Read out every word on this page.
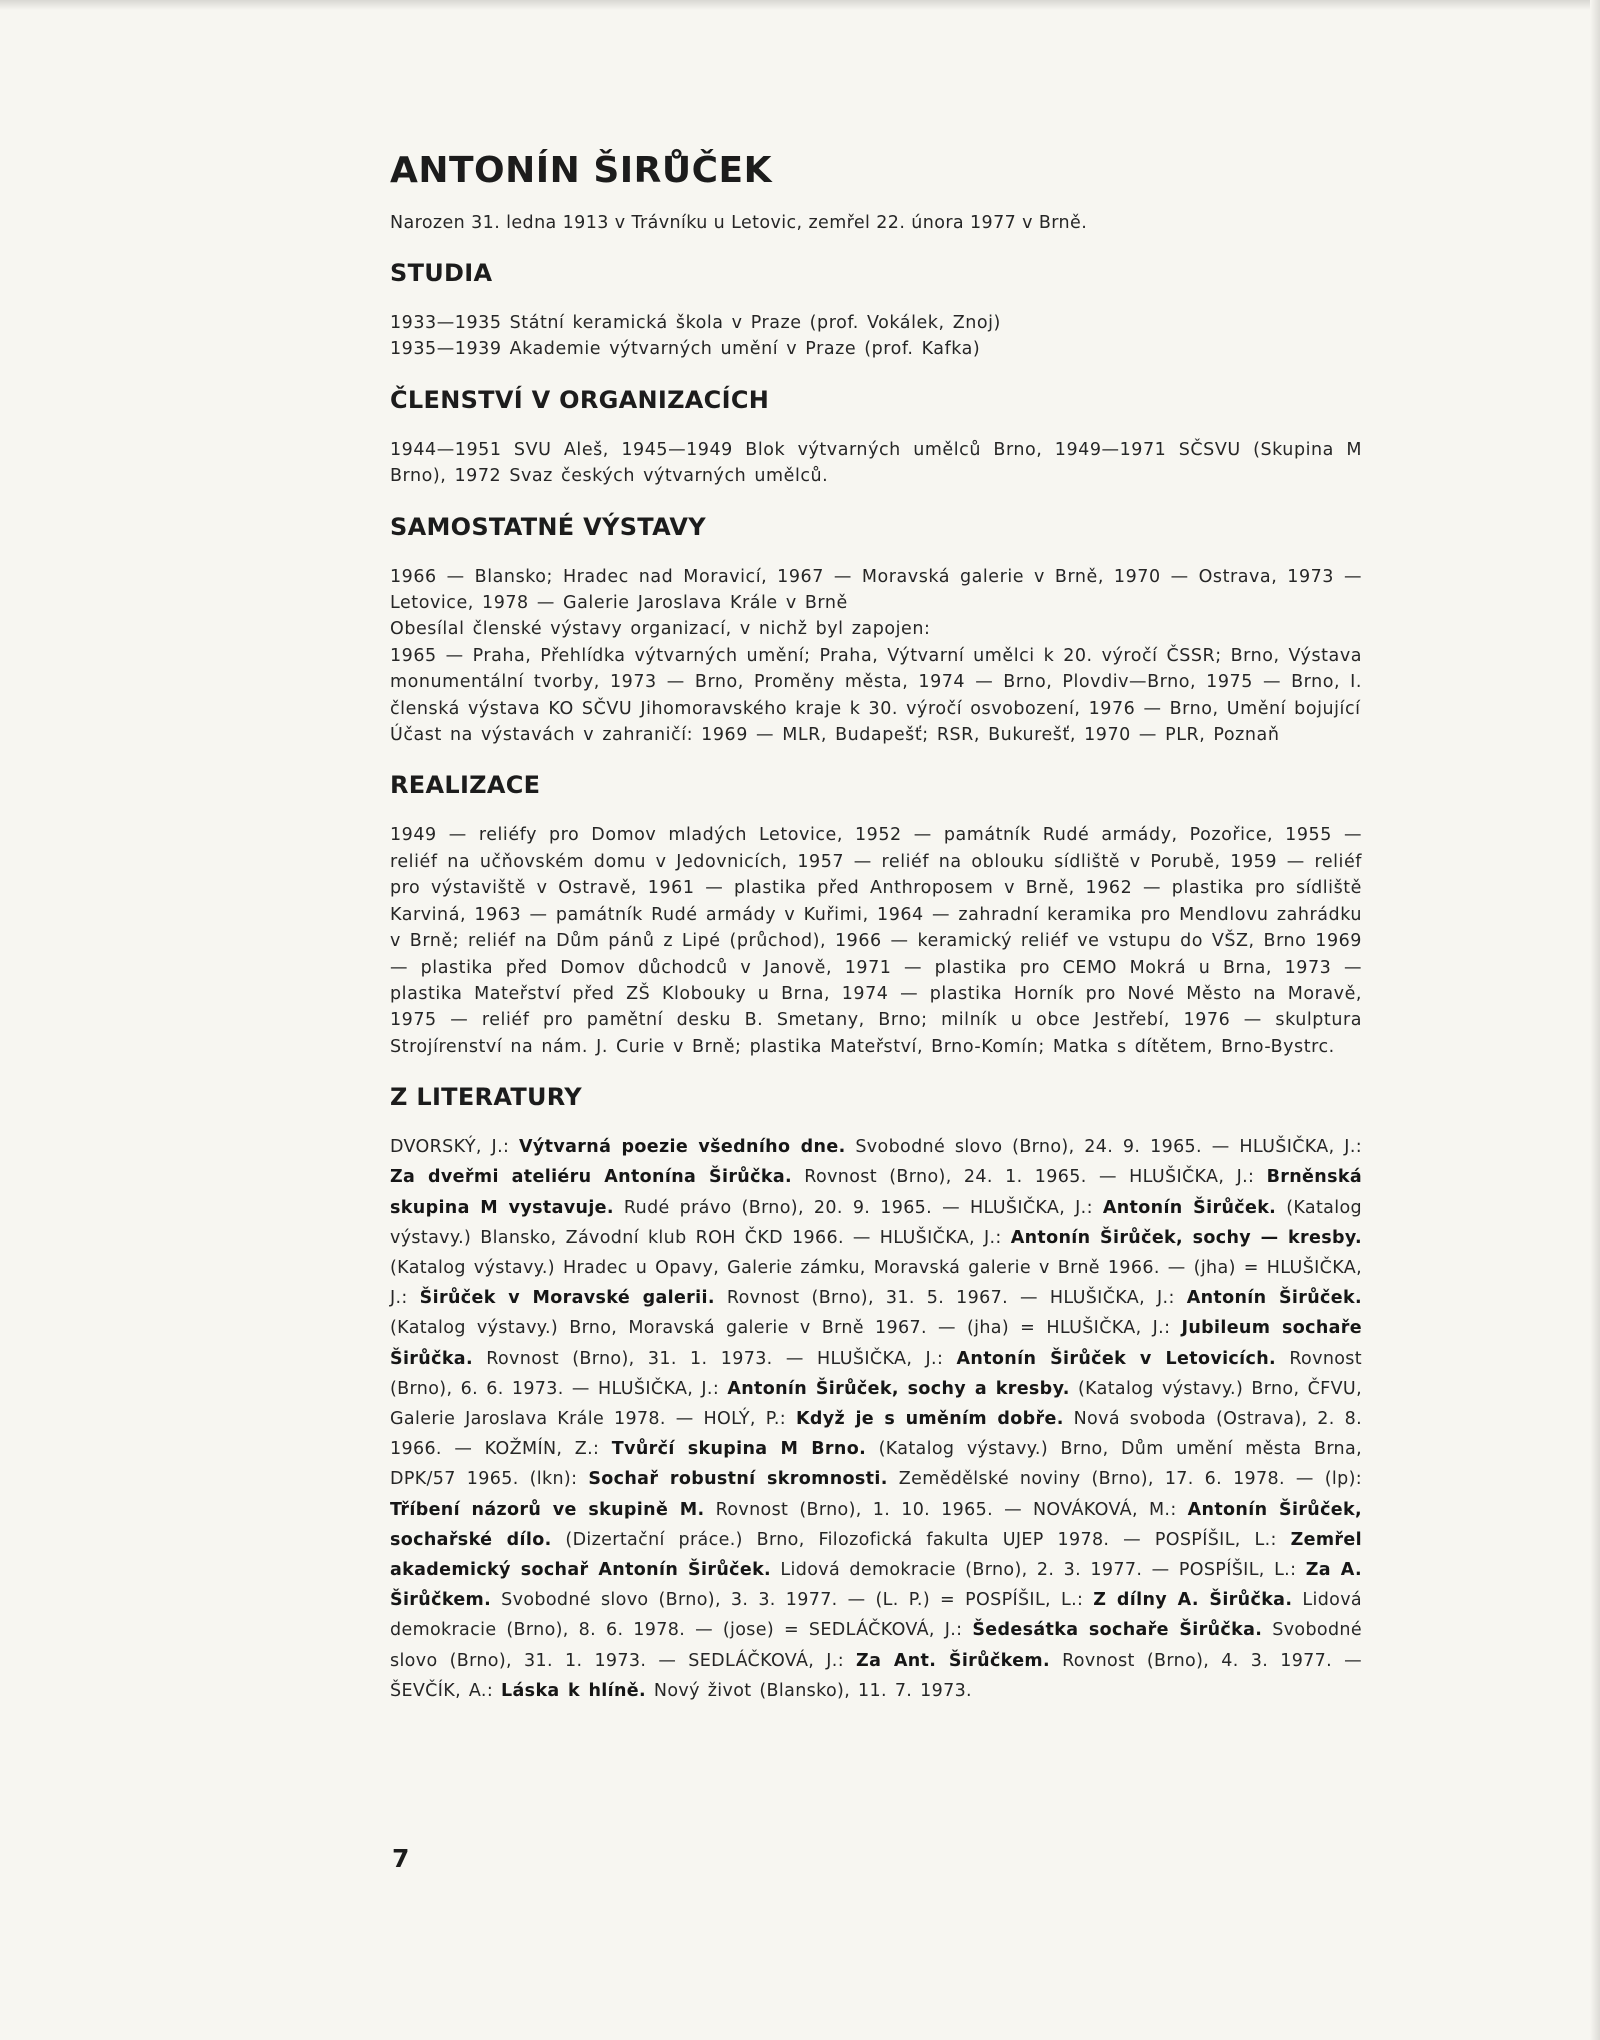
ANTONÍN ŠIRŮČEK

Narozen 31. ledna 1913 v Trávníku u Letovic, zemřel 22. února 1977 v Brně.

STUDIA
1933—1935 Státní keramická škola v Praze (prof. Vokálek, Znoj)
1935—1939 Akademie výtvarných umění v Praze (prof. Kafka)
ČLENSTVÍ V ORGANIZACÍCH
1944—1951 SVU Aleš, 1945—1949 Blok výtvarných umělců Brno, 1949—1971 SČSVU (Skupina M Brno), 1972 Svaz českých výtvarných umělců.
SAMOSTATNÉ VÝSTAVY
1966 — Blansko; Hradec nad Moravicí, 1967 — Moravská galerie v Brně, 1970 — Ostrava, 1973 — Letovice, 1978 — Galerie Jaroslava Krále v Brně
Obesílal členské výstavy organizací, v nichž byl zapojen:
1965 — Praha, Přehlídka výtvarných umění; Praha, Výtvarní umělci k 20. výročí ČSSR; Brno, Výstava monumentální tvorby, 1973 — Brno, Proměny města, 1974 — Brno, Plovdiv—Brno, 1975 — Brno, I. členská výstava KO SČVU Jihomoravského kraje k 30. výročí osvobození, 1976 — Brno, Umění bojující
Účast na výstavách v zahraničí: 1969 — MLR, Budapešť; RSR, Bukurešť, 1970 — PLR, Poznaň
REALIZACE
1949 — reliéfy pro Domov mladých Letovice, 1952 — památník Rudé armády, Pozořice, 1955 — reliéf na učňovském domu v Jedovnicích, 1957 — reliéf na oblouku sídliště v Porubě, 1959 — reliéf pro výstaviště v Ostravě, 1961 — plastika před Anthroposem v Brně, 1962 — plastika pro sídliště Karviná, 1963 — památník Rudé armády v Kuřimi, 1964 — zahradní keramika pro Mendlovu zahrádku v Brně; reliéf na Dům pánů z Lipé (průchod), 1966 — keramický reliéf ve vstupu do VŠZ, Brno 1969 — plastika před Domov důchodců v Janově, 1971 — plastika pro CEMO Mokrá u Brna, 1973 — plastika Mateřství před ZŠ Klobouky u Brna, 1974 — plastika Horník pro Nové Město na Moravě, 1975 — reliéf pro pamětní desku B. Smetany, Brno; milník u obce Jestřebí, 1976 — skulptura Strojírenství na nám. J. Curie v Brně; plastika Mateřství, Brno-Komín; Matka s dítětem, Brno-Bystrc.
Z LITERATURY
DVORSKÝ, J.: Výtvarná poezie všedního dne. Svobodné slovo (Brno), 24. 9. 1965. — HLUŠIČKA, J.: Za dveřmi ateliéru Antonína Širůčka. Rovnost (Brno), 24. 1. 1965. — HLUŠIČKA, J.: Brněnská skupina M vystavuje. Rudé právo (Brno), 20. 9. 1965. — HLUŠIČKA, J.: Antonín Širůček. (Katalog výstavy.) Blansko, Závodní klub ROH ČKD 1966. — HLUŠIČKA, J.: Antonín Širůček, sochy — kresby. (Katalog výstavy.) Hradec u Opavy, Galerie zámku, Moravská galerie v Brně 1966. — (jha) = HLUŠIČKA, J.: Širůček v Moravské galerii. Rovnost (Brno), 31. 5. 1967. — HLUŠIČKA, J.: Antonín Širůček. (Katalog výstavy.) Brno, Moravská galerie v Brně 1967. — (jha) = HLUŠIČKA, J.: Jubileum sochaře Širůčka. Rovnost (Brno), 31. 1. 1973. — HLUŠIČKA, J.: Antonín Širůček v Letovicích. Rovnost (Brno), 6. 6. 1973. — HLUŠIČKA, J.: Antonín Širůček, sochy a kresby. (Katalog výstavy.) Brno, ČFVU, Galerie Jaroslava Krále 1978. — HOLÝ, P.: Když je s uměním dobře. Nová svoboda (Ostrava), 2. 8. 1966. — KOŽMÍN, Z.: Tvůrčí skupina M Brno. (Katalog výstavy.) Brno, Dům umění města Brna, DPK/57 1965. (lkn): Sochař robustní skromnosti. Zemědělské noviny (Brno), 17. 6. 1978. — (lp): Tříbení názorů ve skupině M. Rovnost (Brno), 1. 10. 1965. — NOVÁKOVÁ, M.: Antonín Širůček, sochařské dílo. (Dizertační práce.) Brno, Filozofická fakulta UJEP 1978. — POSPÍŠIL, L.: Zemřel akademický sochař Antonín Širůček. Lidová demokracie (Brno), 2. 3. 1977. — POSPÍŠIL, L.: Za A. Širůčkem. Svobodné slovo (Brno), 3. 3. 1977. — (L. P.) = POSPÍŠIL, L.: Z dílny A. Širůčka. Lidová demokracie (Brno), 8. 6. 1978. — (jose) = SEDLÁČKOVÁ, J.: Šedesátka sochaře Širůčka. Svobodné slovo (Brno), 31. 1. 1973. — SEDLÁČKOVÁ, J.: Za Ant. Širůčkem. Rovnost (Brno), 4. 3. 1977. — ŠEVČÍK, A.: Láska k hlíně. Nový život (Blansko), 11. 7. 1973.
7
